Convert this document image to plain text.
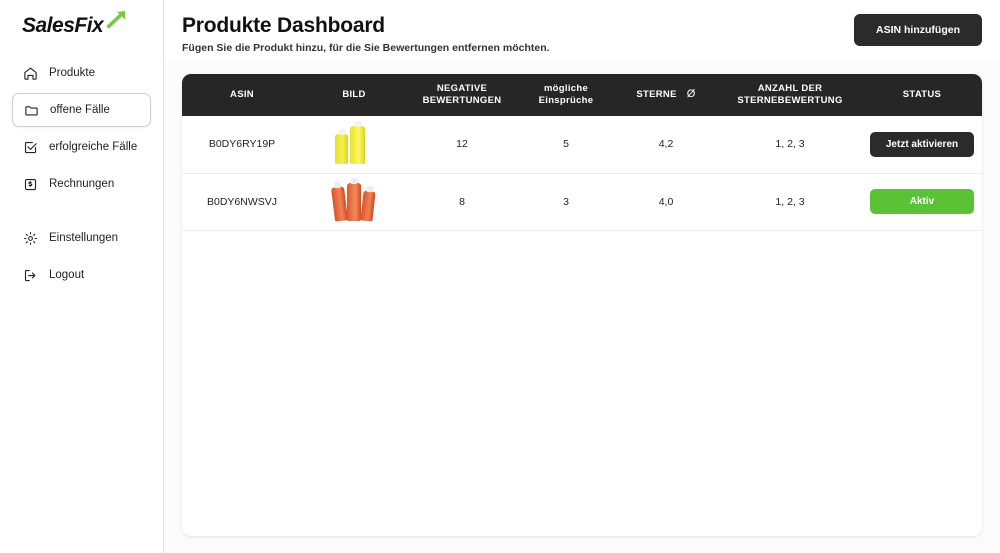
SalesFix
Produkte
offene Fälle
erfolgreiche Fälle
Rechnungen
Einstellungen
Logout
Produkte Dashboard

Fügen Sie die Produkt hinzu, für die Sie Bewertungen entfernen möchten.

ASIN hinzufügen
ASIN	BILD	NEGATIVE BEWERTUNGEN	mögliche Einsprüche	STERNE Ø	ANZAHL DER STERNEBEWERTUNG	STATUS
B0DY6RY19P		12	5	4,2	1, 2, 3	Jetzt aktivieren
B0DY6NWSVJ		8	3	4,0	1, 2, 3	Aktiv
